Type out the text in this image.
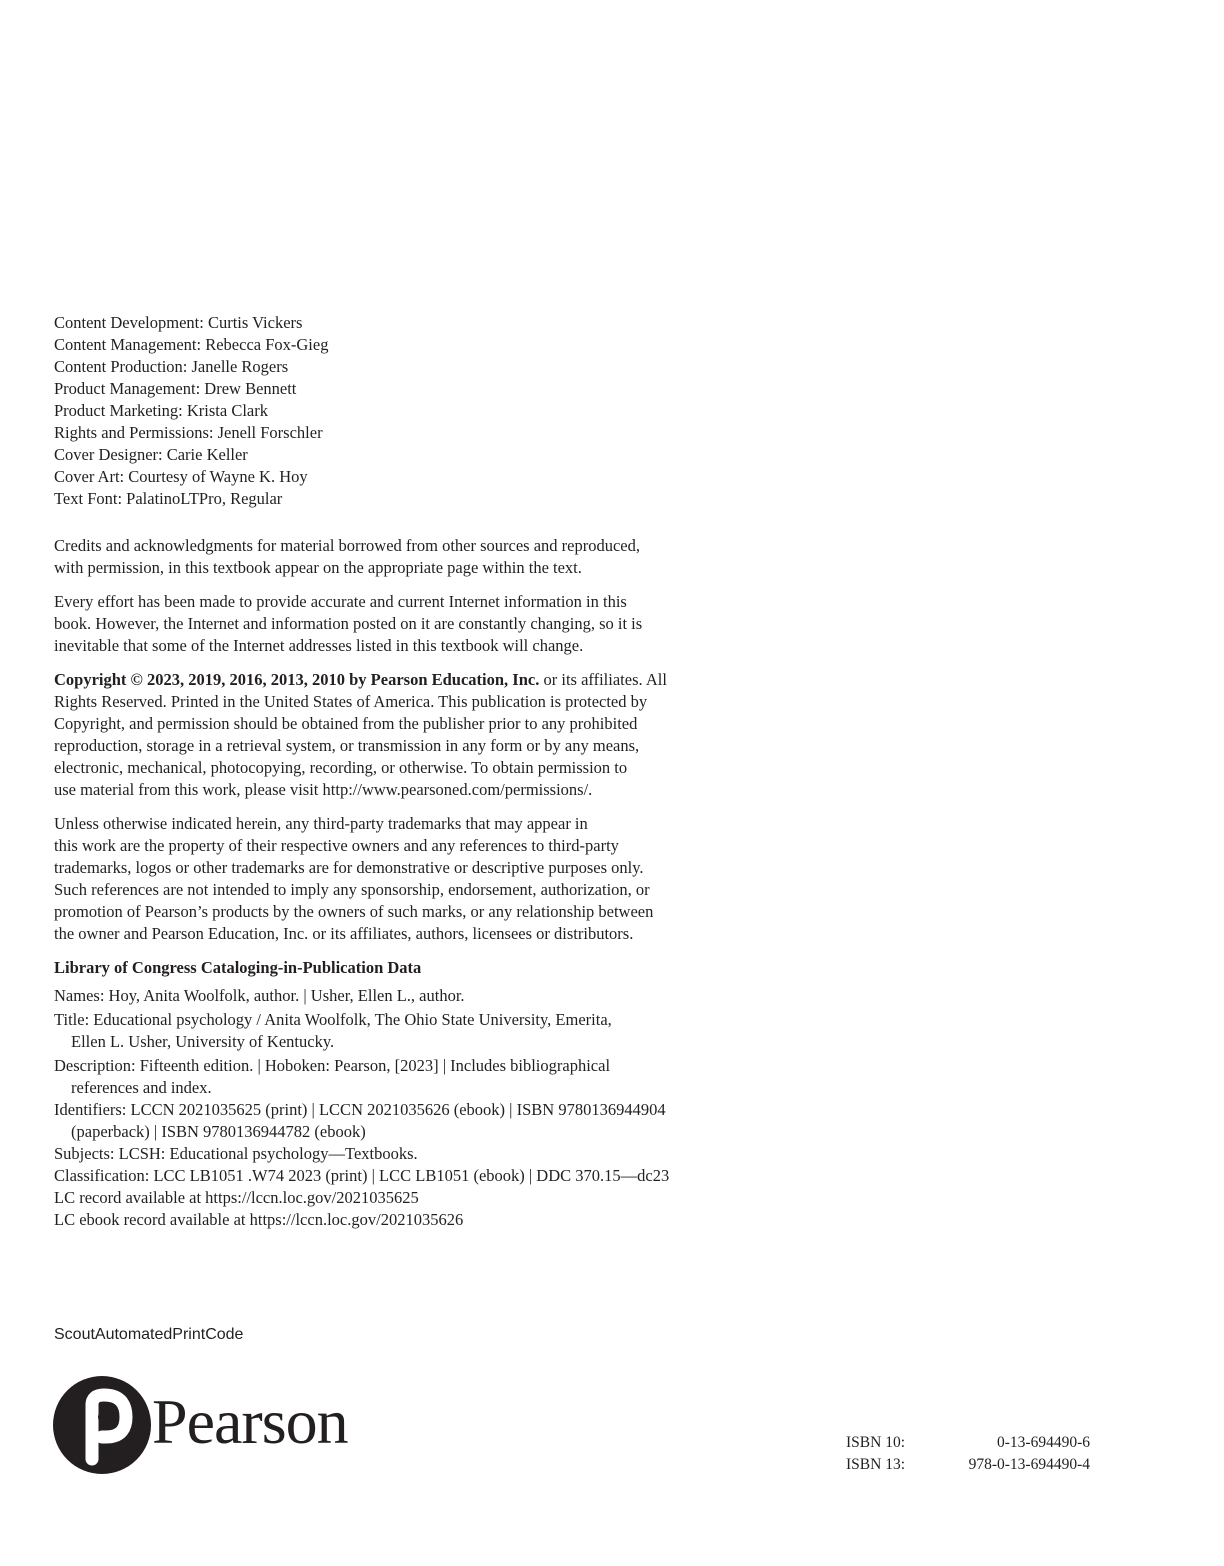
Content Development: Curtis Vickers
Content Management: Rebecca Fox-Gieg
Content Production: Janelle Rogers
Product Management: Drew Bennett
Product Marketing: Krista Clark
Rights and Permissions: Jenell Forschler
Cover Designer: Carie Keller
Cover Art: Courtesy of Wayne K. Hoy
Text Font: PalatinoLTPro, Regular
Credits and acknowledgments for material borrowed from other sources and reproduced,
with permission, in this textbook appear on the appropriate page within the text.
Every effort has been made to provide accurate and current Internet information in this
book. However, the Internet and information posted on it are constantly changing, so it is
inevitable that some of the Internet addresses listed in this textbook will change.
Copyright © 2023, 2019, 2016, 2013, 2010 by Pearson Education, Inc. or its affiliates. All
Rights Reserved. Printed in the United States of America. This publication is protected by
Copyright, and permission should be obtained from the publisher prior to any prohibited
reproduction, storage in a retrieval system, or transmission in any form or by any means,
electronic, mechanical, photocopying, recording, or otherwise. To obtain permission to
use material from this work, please visit http://www.pearsoned.com/permissions/.
Unless otherwise indicated herein, any third-party trademarks that may appear in
this work are the property of their respective owners and any references to third-party
trademarks, logos or other trademarks are for demonstrative or descriptive purposes only.
Such references are not intended to imply any sponsorship, endorsement, authorization, or
promotion of Pearson’s products by the owners of such marks, or any relationship between
the owner and Pearson Education, Inc. or its affiliates, authors, licensees or distributors.
Library of Congress Cataloging-in-Publication Data
Names: Hoy, Anita Woolfolk, author. | Usher, Ellen L., author.
Title: Educational psychology / Anita Woolfolk, The Ohio State University, Emerita,
Ellen L. Usher, University of Kentucky.
Description: Fifteenth edition. | Hoboken: Pearson, [2023] | Includes bibliographical
references and index.
Identifiers: LCCN 2021035625 (print) | LCCN 2021035626 (ebook) | ISBN 9780136944904
(paperback) | ISBN 9780136944782 (ebook)
Subjects: LCSH: Educational psychology—Textbooks.
Classification: LCC LB1051 .W74 2023 (print) | LCC LB1051 (ebook) | DDC 370.15—dc23
LC record available at https://lccn.loc.gov/2021035625
LC ebook record available at https://lccn.loc.gov/2021035626
ScoutAutomatedPrintCode
Pearson	ISBN 10:	0-13-694490-6
ISBN 13:	978-0-13-694490-4
